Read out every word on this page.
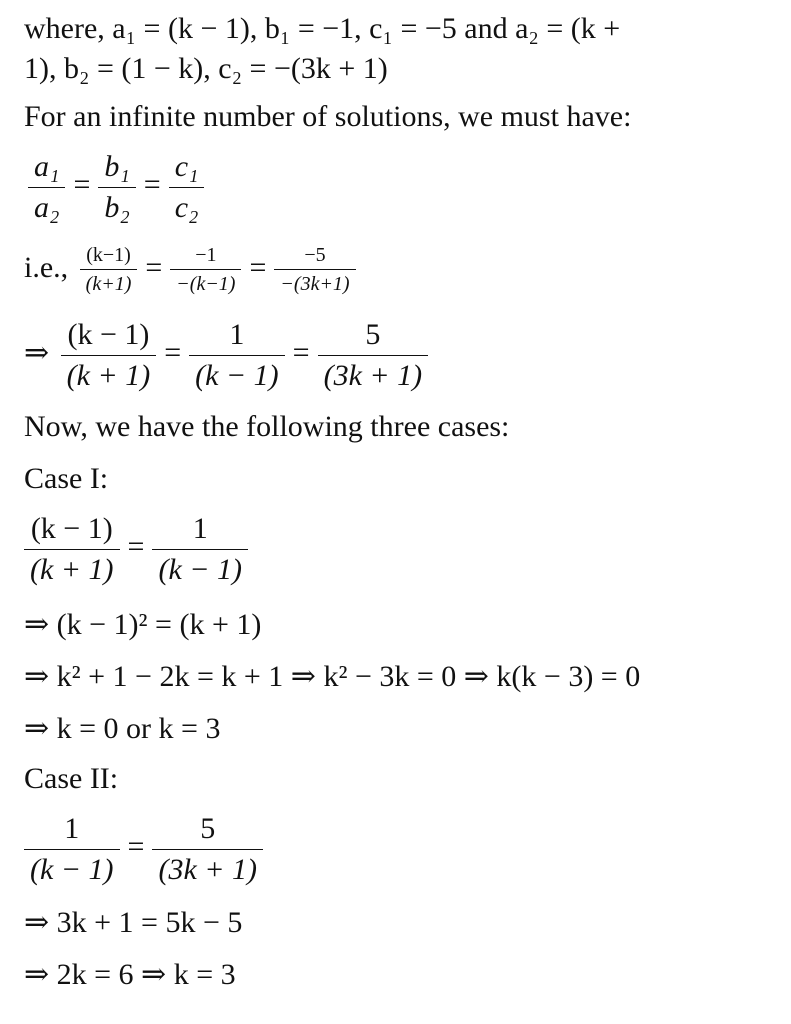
where, a₁ = (k − 1), b₁ = −1, c₁ = −5 and a₂ = (k +
1), b₂ = (1 − k), c₂ = −(3k + 1)
For an infinite number of solutions, we must have:
$\frac{\text{a₁}}{\text{a₂}} = \frac{\text{b₁}}{\text{b₂}} = \frac{\text{c₁}}{\text{c₂}}$
i.e., $\frac{(k-1)}{(k+1)} = \frac{-1}{-(k-1)} = \frac{-5}{-(3k+1)}$
⇒ $\frac{(k - 1)}{(k + 1)} = \frac{1}{(k - 1)} = \frac{5}{(3k + 1)}$
Now, we have the following three cases:
Case I:
$\frac{(k - 1)}{(k + 1)} = \frac{1}{(k - 1)}$
⇒ (k − 1)² = (k + 1)
⇒ k² + 1 − 2k = k + 1 ⇒ k² − 3k = 0 ⇒ k(k − 3) = 0
⇒ k = 0 or k = 3
Case II:
$\frac{1}{(k - 1)} = \frac{5}{(3k + 1)}$
⇒ 3k + 1 = 5k − 5
⇒ 2k = 6 ⇒ k = 3
